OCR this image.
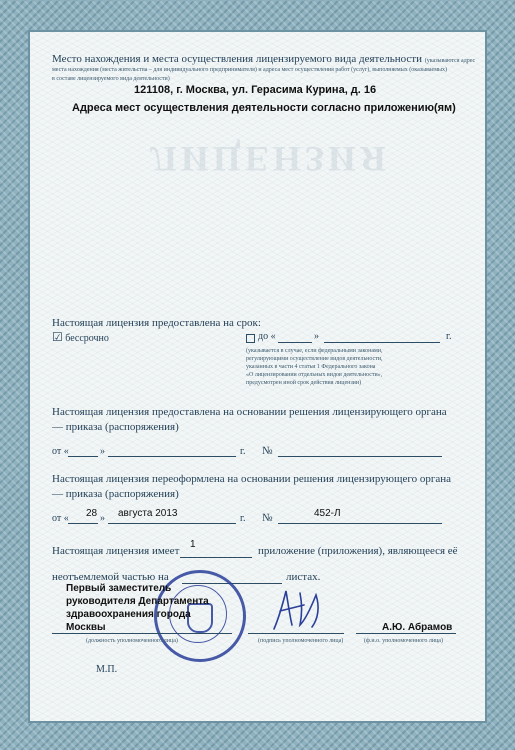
ЛИЦЕНЗИЯ
Место нахождения и места осуществления лицензируемого вида деятельности (указываются адрес
места нахождения (места жительства – для индивидуального предпринимателя) и адреса мест осуществления работ (услуг), выполняемых (оказываемых)
в составе лицензируемого вида деятельности)
121108, г. Москва, ул. Герасима Курина, д. 16
Адреса мест осуществления деятельности согласно приложению(ям)
Настоящая лицензия предоставлена на срок:
☑ бессрочно	до «	»	г.
(указывается в случае, если федеральными законами,
регулирующими осуществление видов деятельности,
указанных в части 4 статьи 1 Федерального закона
«О лицензировании отдельных видов деятельности»,
предусмотрен иной срок действия лицензии)
Настоящая лицензия предоставлена на основании решения лицензирующего органа
— приказа (распоряжения)
от «	»	г. №
Настоящая лицензия переоформлена на основании решения лицензирующего органа
— приказа (распоряжения)
от « 28 » августа 2013	г. №	452-Л
Настоящая лицензия имеет
1
приложение (приложения), являющееся её
неотъемлемой частью на	листах.
Первый заместитель
руководителя Департамента
здравоохранения города
Москвы
(должность уполномоченного лица)	(подпись уполномоченного лица)
А.Ю. Абрамов
(ф.и.о. уполномоченного лица)
М.П.
